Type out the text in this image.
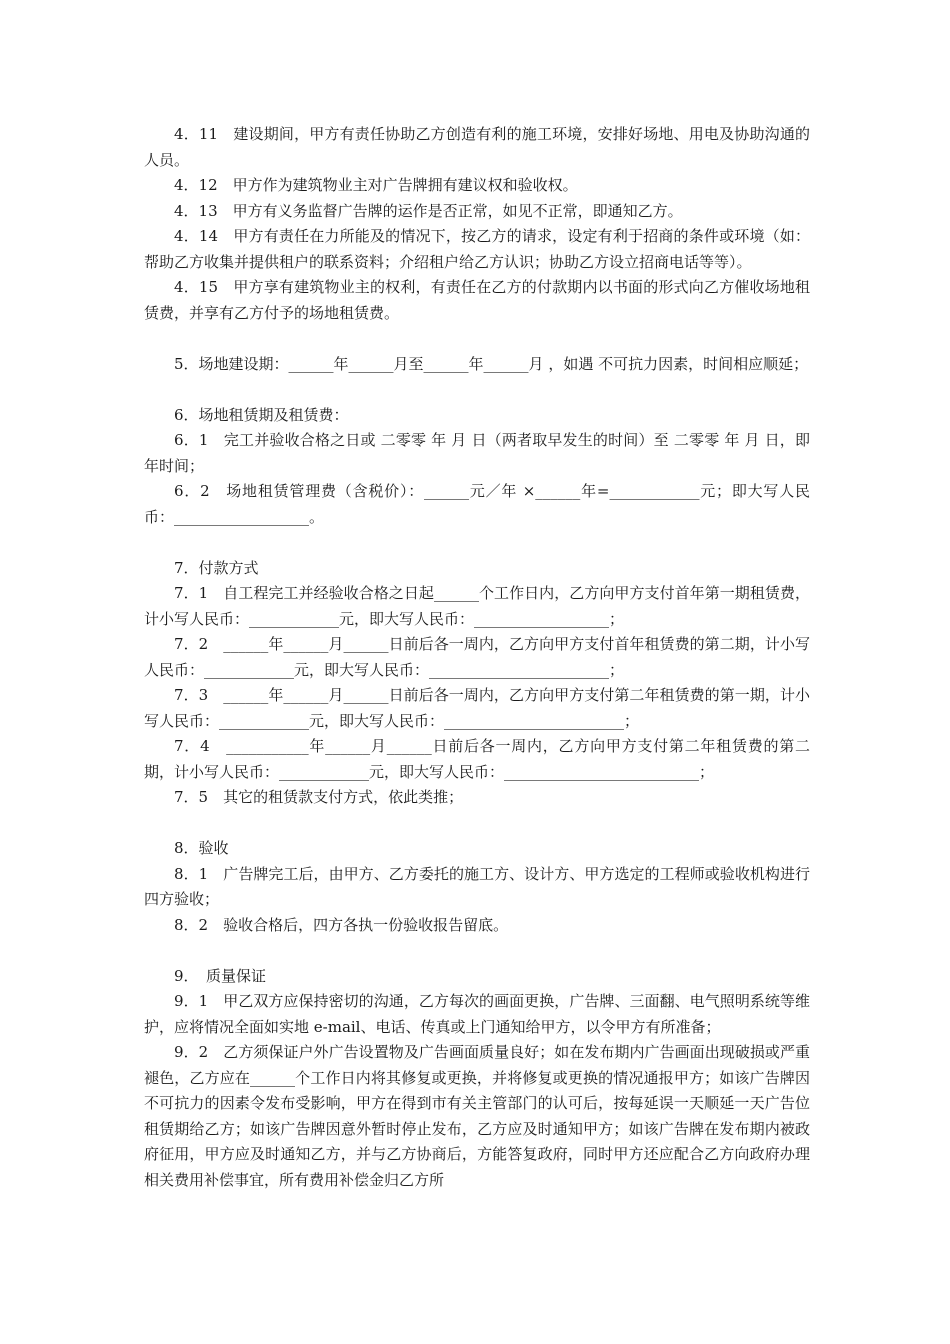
4．11　建设期间，甲方有责任协助乙方创造有利的施工环境，安排好场地、用电及协助沟通的人员。

4．12　甲方作为建筑物业主对广告牌拥有建议权和验收权。

4．13　甲方有义务监督广告牌的运作是否正常，如见不正常，即通知乙方。

4．14　甲方有责任在力所能及的情况下，按乙方的请求，设定有利于招商的条件或环境（如：帮助乙方收集并提供租户的联系资料；介绍租户给乙方认识；协助乙方设立招商电话等等）。

4．15　甲方享有建筑物业主的权利，有责任在乙方的付款期内以书面的形式向乙方催收场地租赁费，并享有乙方付予的场地租赁费。

5．场地建设期：______年______月至______年______月 ，如遇 不可抗力因素，时间相应顺延；

6．场地租赁期及租赁费：

6．1　完工并验收合格之日或 二零零 年 月 日（两者取早发生的时间）至 二零零 年 月 日，即 年时间；

6．2　场地租赁管理费（含税价）：______元／年 ×______年=____________元；即大写人民币：__________________。

7．付款方式

7．1　自工程完工并经验收合格之日起______个工作日内，乙方向甲方支付首年第一期租赁费，计小写人民币：____________元，即大写人民币：__________________；

7．2　______年______月______日前后各一周内，乙方向甲方支付首年租赁费的第二期，计小写人民币：____________元，即大写人民币：________________________；

7．3　______年______月______日前后各一周内，乙方向甲方支付第二年租赁费的第一期，计小写人民币：____________元，即大写人民币：________________________；

7．4　___________年______月______日前后各一周内，乙方向甲方支付第二年租赁费的第二期，计小写人民币：____________元，即大写人民币：__________________________；

7．5　其它的租赁款支付方式，依此类推；

8．验收

8．1　广告牌完工后，由甲方、乙方委托的施工方、设计方、甲方选定的工程师或验收机构进行四方验收；

8．2　验收合格后，四方各执一份验收报告留底。

9．　质量保证

9．1　甲乙双方应保持密切的沟通，乙方每次的画面更换，广告牌、三面翻、电气照明系统等维护，应将情况全面如实地 e-mail、电话、传真或上门通知给甲方，以令甲方有所准备；

9．2　乙方须保证户外广告设置物及广告画面质量良好；如在发布期内广告画面出现破损或严重褪色，乙方应在______个工作日内将其修复或更换，并将修复或更换的情况通报甲方；如该广告牌因不可抗力的因素令发布受影响，甲方在得到市有关主管部门的认可后，按每延误一天顺延一天广告位租赁期给乙方；如该广告牌因意外暂时停止发布，乙方应及时通知甲方；如该广告牌在发布期内被政府征用，甲方应及时通知乙方，并与乙方协商后，方能答复政府，同时甲方还应配合乙方向政府办理相关费用补偿事宜，所有费用补偿金归乙方所
